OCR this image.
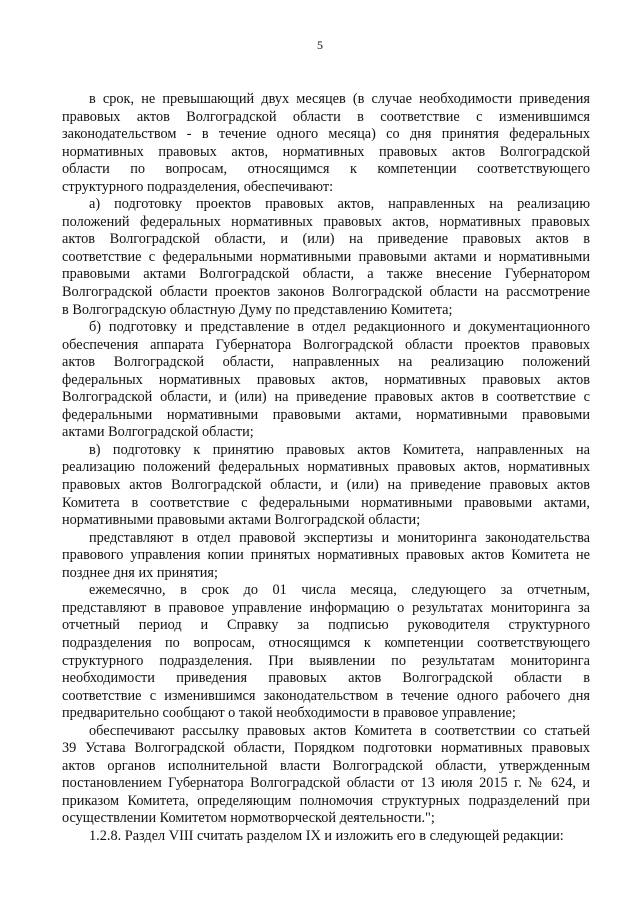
5
в срок, не превышающий двух месяцев (в случае необходимости приведения
правовых актов Волгоградской области в соответствие с изменившимся
законодательством - в течение одного месяца) со дня принятия федеральных
нормативных правовых актов, нормативных правовых актов Волгоградской
области по вопросам, относящимся к компетенции соответствующего
структурного подразделения, обеспечивают:
а) подготовку проектов правовых актов, направленных на реализацию
положений федеральных нормативных правовых актов, нормативных правовых
актов Волгоградской области, и (или) на приведение правовых актов в
соответствие с федеральными нормативными правовыми актами и нормативными
правовыми актами Волгоградской области, а также внесение Губернатором
Волгоградской области проектов законов Волгоградской области на рассмотрение
в Волгоградскую областную Думу по представлению Комитета;
б) подготовку и представление в отдел редакционного и документационного
обеспечения аппарата Губернатора Волгоградской области проектов правовых
актов Волгоградской области, направленных на реализацию положений
федеральных нормативных правовых актов, нормативных правовых актов
Волгоградской области, и (или) на приведение правовых актов в соответствие с
федеральными нормативными правовыми актами, нормативными правовыми
актами Волгоградской области;
в) подготовку к принятию правовых актов Комитета, направленных на
реализацию положений федеральных нормативных правовых актов, нормативных
правовых актов Волгоградской области, и (или) на приведение правовых актов
Комитета в соответствие с федеральными нормативными правовыми актами,
нормативными правовыми актами Волгоградской области;
представляют в отдел правовой экспертизы и мониторинга законодательства
правового управления копии принятых нормативных правовых актов Комитета не
позднее дня их принятия;
ежемесячно, в срок до 01 числа месяца, следующего за отчетным,
представляют в правовое управление информацию о результатах мониторинга за
отчетный период и Справку за подписью руководителя структурного
подразделения по вопросам, относящимся к компетенции соответствующего
структурного подразделения. При выявлении по результатам мониторинга
необходимости приведения правовых актов Волгоградской области в
соответствие с изменившимся законодательством в течение одного рабочего дня
предварительно сообщают о такой необходимости в правовое управление;
обеспечивают рассылку правовых актов Комитета в соответствии со статьей
39 Устава Волгоградской области, Порядком подготовки нормативных правовых
актов органов исполнительной власти Волгоградской области, утвержденным
постановлением Губернатора Волгоградской области от 13 июля 2015 г. № 624, и
приказом Комитета, определяющим полномочия структурных подразделений при
осуществлении Комитетом нормотворческой деятельности.";
1.2.8. Раздел VIII считать разделом IX и изложить его в следующей редакции:
